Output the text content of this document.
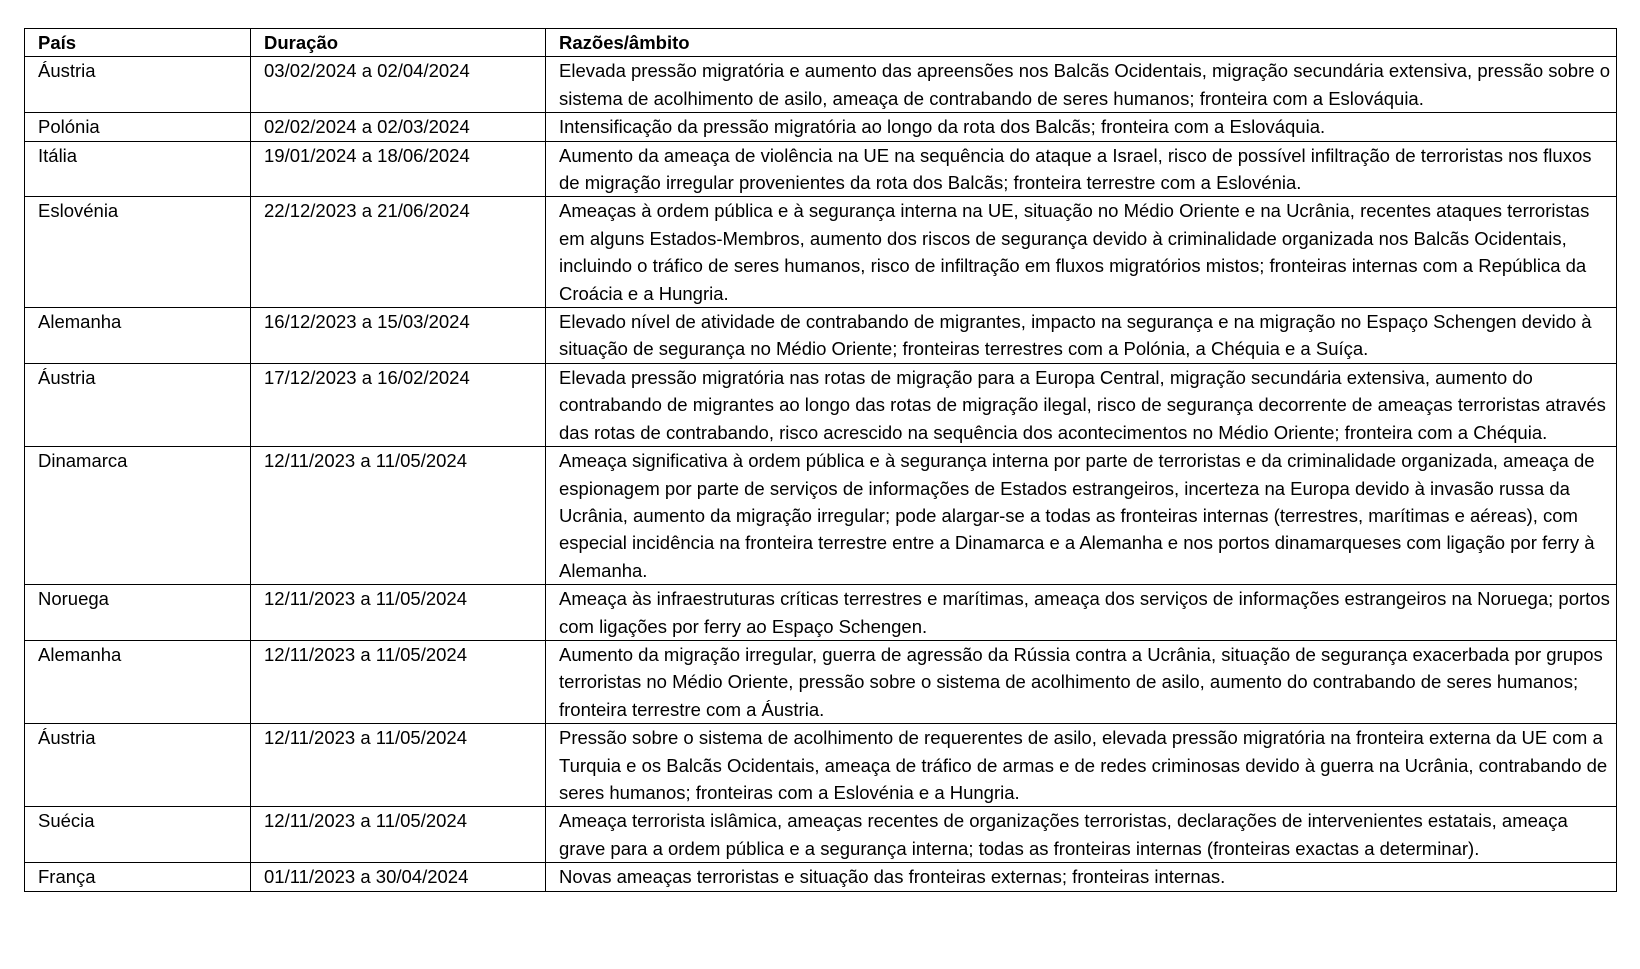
País	Duração	Razões/âmbito
Áustria	03/02/2024 a 02/04/2024	Elevada pressão migratória e aumento das apreensões nos Balcãs Ocidentais, migração secundária extensiva, pressão sobre o sistema de acolhimento de asilo, ameaça de contrabando de seres humanos; fronteira com a Eslováquia.
Polónia	02/02/2024 a 02/03/2024	Intensificação da pressão migratória ao longo da rota dos Balcãs; fronteira com a Eslováquia.
Itália	19/01/2024 a 18/06/2024	Aumento da ameaça de violência na UE na sequência do ataque a Israel, risco de possível infiltração de terroristas nos fluxos de migração irregular provenientes da rota dos Balcãs; fronteira terrestre com a Eslovénia.
Eslovénia	22/12/2023 a 21/06/2024	Ameaças à ordem pública e à segurança interna na UE, situação no Médio Oriente e na Ucrânia, recentes ataques terroristas em alguns Estados-Membros, aumento dos riscos de segurança devido à criminalidade organizada nos Balcãs Ocidentais, incluindo o tráfico de seres humanos, risco de infiltração em fluxos migratórios mistos; fronteiras internas com a República da Croácia e a Hungria.
Alemanha	16/12/2023 a 15/03/2024	Elevado nível de atividade de contrabando de migrantes, impacto na segurança e na migração no Espaço Schengen devido à situação de segurança no Médio Oriente; fronteiras terrestres com a Polónia, a Chéquia e a Suíça.
Áustria	17/12/2023 a 16/02/2024	Elevada pressão migratória nas rotas de migração para a Europa Central, migração secundária extensiva, aumento do contrabando de migrantes ao longo das rotas de migração ilegal, risco de segurança decorrente de ameaças terroristas através das rotas de contrabando, risco acrescido na sequência dos acontecimentos no Médio Oriente; fronteira com a Chéquia.
Dinamarca	12/11/2023 a 11/05/2024	Ameaça significativa à ordem pública e à segurança interna por parte de terroristas e da criminalidade organizada, ameaça de espionagem por parte de serviços de informações de Estados estrangeiros, incerteza na Europa devido à invasão russa da Ucrânia, aumento da migração irregular; pode alargar-se a todas as fronteiras internas (terrestres, marítimas e aéreas), com especial incidência na fronteira terrestre entre a Dinamarca e a Alemanha e nos portos dinamarqueses com ligação por ferry à Alemanha.
Noruega	12/11/2023 a 11/05/2024	Ameaça às infraestruturas críticas terrestres e marítimas, ameaça dos serviços de informações estrangeiros na Noruega; portos com ligações por ferry ao Espaço Schengen.
Alemanha	12/11/2023 a 11/05/2024	Aumento da migração irregular, guerra de agressão da Rússia contra a Ucrânia, situação de segurança exacerbada por grupos terroristas no Médio Oriente, pressão sobre o sistema de acolhimento de asilo, aumento do contrabando de seres humanos; fronteira terrestre com a Áustria.
Áustria	12/11/2023 a 11/05/2024	Pressão sobre o sistema de acolhimento de requerentes de asilo, elevada pressão migratória na fronteira externa da UE com a Turquia e os Balcãs Ocidentais, ameaça de tráfico de armas e de redes criminosas devido à guerra na Ucrânia, contrabando de seres humanos; fronteiras com a Eslovénia e a Hungria.
Suécia	12/11/2023 a 11/05/2024	Ameaça terrorista islâmica, ameaças recentes de organizações terroristas, declarações de intervenientes estatais, ameaça grave para a ordem pública e a segurança interna; todas as fronteiras internas (fronteiras exactas a determinar).
França	01/11/2023 a 30/04/2024	Novas ameaças terroristas e situação das fronteiras externas; fronteiras internas.
